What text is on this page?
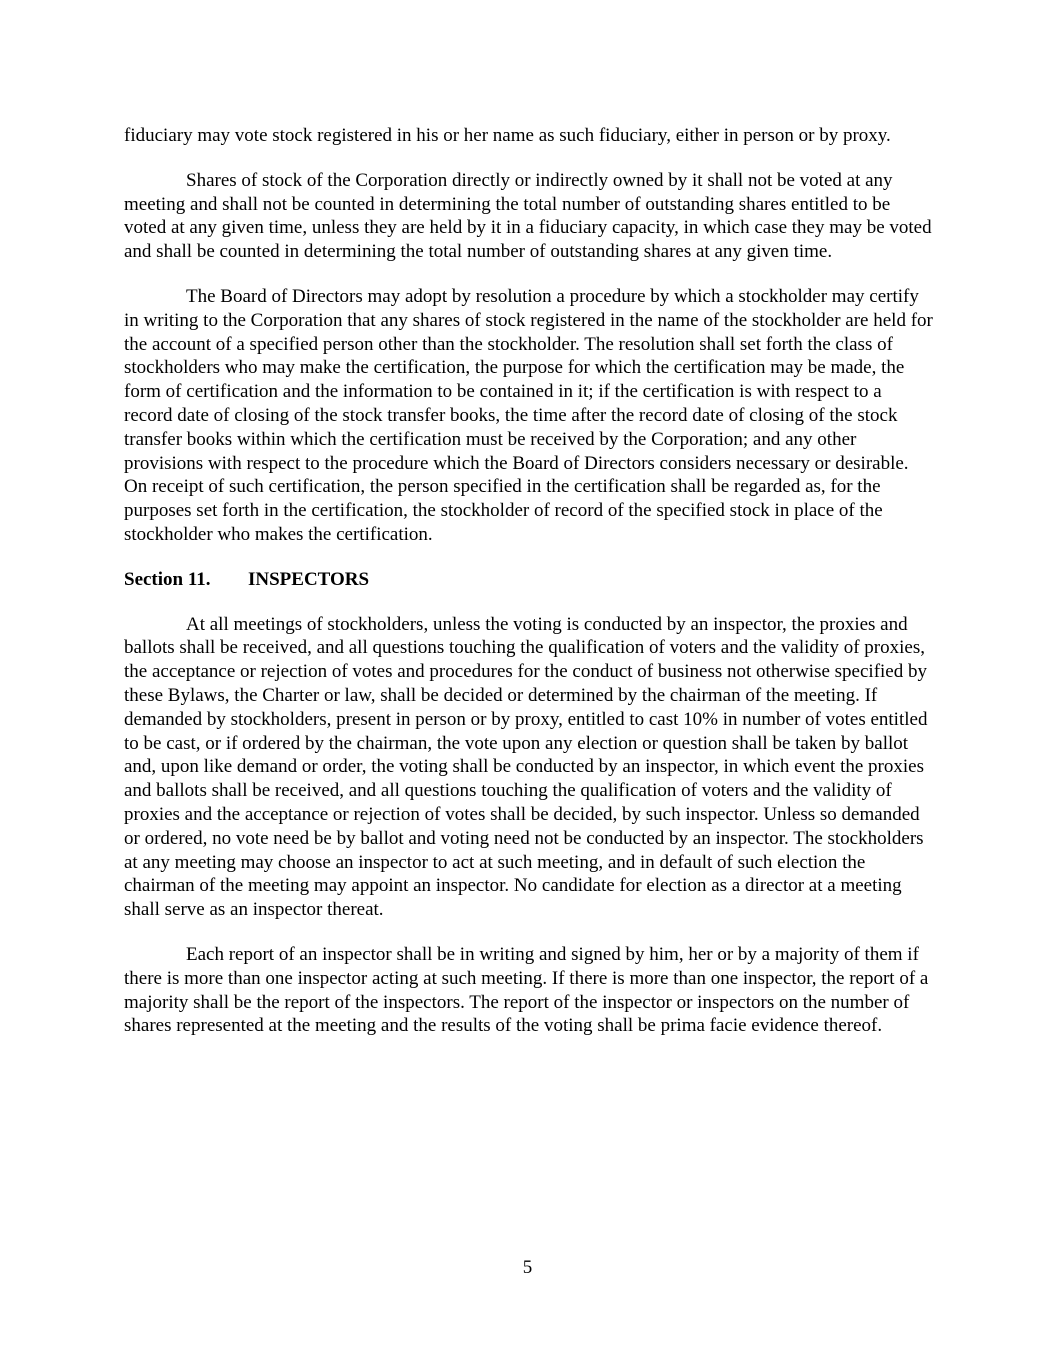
fiduciary may vote stock registered in his or her name as such fiduciary, either in person or by proxy.

Shares of stock of the Corporation directly or indirectly owned by it shall not be voted at any meeting and shall not be counted in determining the total number of outstanding shares entitled to be voted at any given time, unless they are held by it in a fiduciary capacity, in which case they may be voted and shall be counted in determining the total number of outstanding shares at any given time.

The Board of Directors may adopt by resolution a procedure by which a stockholder may certify in writing to the Corporation that any shares of stock registered in the name of the stockholder are held for the account of a specified person other than the stockholder. The resolution shall set forth the class of stockholders who may make the certification, the purpose for which the certification may be made, the form of certification and the information to be contained in it; if the certification is with respect to a record date of closing of the stock transfer books, the time after the record date of closing of the stock transfer books within which the certification must be received by the Corporation; and any other provisions with respect to the procedure which the Board of Directors considers necessary or desirable. On receipt of such certification, the person specified in the certification shall be regarded as, for the purposes set forth in the certification, the stockholder of record of the specified stock in place of the stockholder who makes the certification.

Section 11. INSPECTORS

At all meetings of stockholders, unless the voting is conducted by an inspector, the proxies and ballots shall be received, and all questions touching the qualification of voters and the validity of proxies, the acceptance or rejection of votes and procedures for the conduct of business not otherwise specified by these Bylaws, the Charter or law, shall be decided or determined by the chairman of the meeting. If demanded by stockholders, present in person or by proxy, entitled to cast 10% in number of votes entitled to be cast, or if ordered by the chairman, the vote upon any election or question shall be taken by ballot and, upon like demand or order, the voting shall be conducted by an inspector, in which event the proxies and ballots shall be received, and all questions touching the qualification of voters and the validity of proxies and the acceptance or rejection of votes shall be decided, by such inspector. Unless so demanded or ordered, no vote need be by ballot and voting need not be conducted by an inspector. The stockholders at any meeting may choose an inspector to act at such meeting, and in default of such election the chairman of the meeting may appoint an inspector. No candidate for election as a director at a meeting shall serve as an inspector thereat.

Each report of an inspector shall be in writing and signed by him, her or by a majority of them if there is more than one inspector acting at such meeting. If there is more than one inspector, the report of a majority shall be the report of the inspectors. The report of the inspector or inspectors on the number of shares represented at the meeting and the results of the voting shall be prima facie evidence thereof.

5
